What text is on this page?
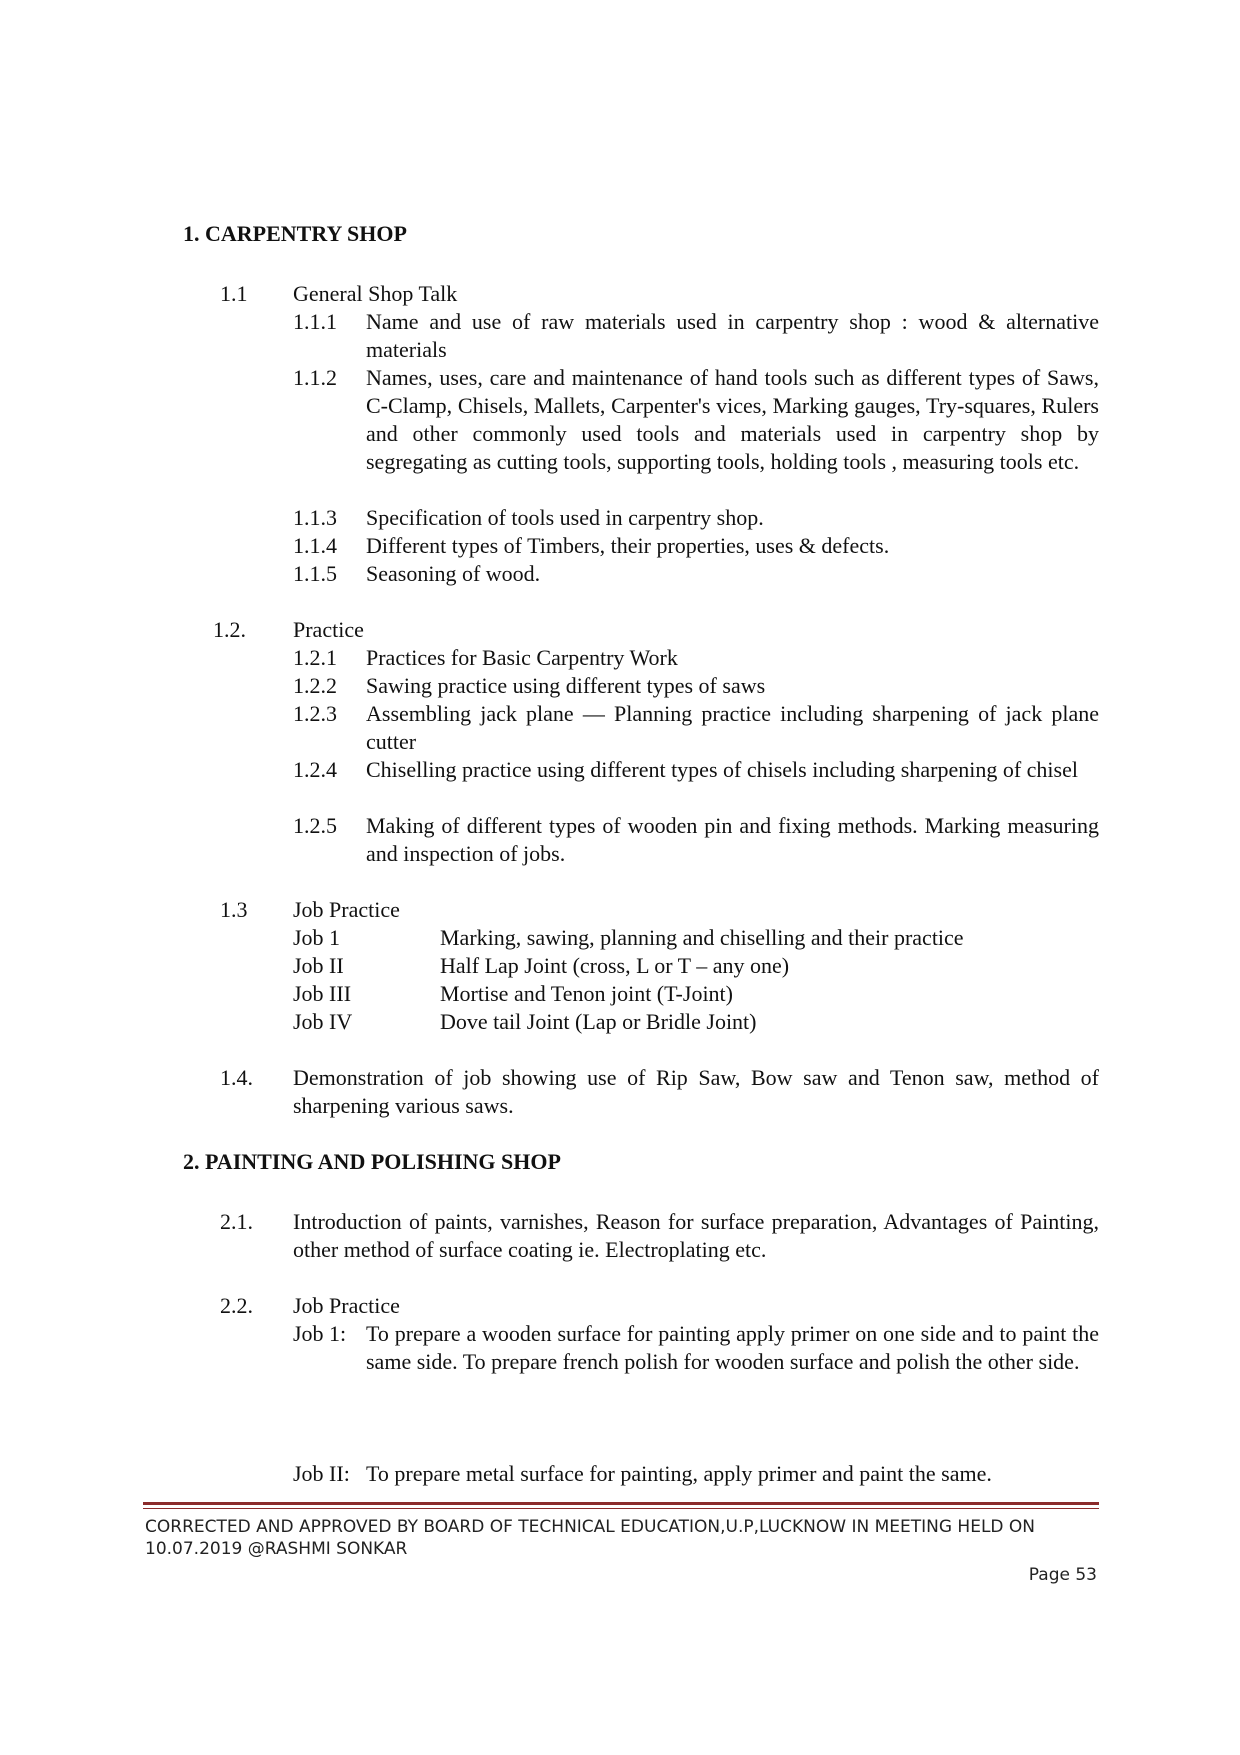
1. CARPENTRY SHOP
1.1 General Shop Talk
1.1.1 Name and use of raw materials used in carpentry shop : wood & alternative materials
1.1.2 Names, uses, care and maintenance of hand tools such as different types of Saws, C-Clamp, Chisels, Mallets, Carpenter's vices, Marking gauges, Try-squares, Rulers and other commonly used tools and materials used in carpentry shop by segregating as cutting tools, supporting tools, holding tools , measuring tools etc.
1.1.3 Specification of tools used in carpentry shop.
1.1.4 Different types of Timbers, their properties, uses & defects.
1.1.5 Seasoning of wood.
1.2. Practice
1.2.1 Practices for Basic Carpentry Work
1.2.2 Sawing practice using different types of saws
1.2.3 Assembling jack plane — Planning practice including sharpening of jack plane cutter
1.2.4 Chiselling practice using different types of chisels including sharpening of chisel
1.2.5 Making of different types of wooden pin and fixing methods. Marking measuring and inspection of jobs.
1.3 Job Practice
Job 1	Marking, sawing, planning and chiselling and their practice
Job II	Half Lap Joint (cross, L or T – any one)
Job III	Mortise and Tenon joint (T-Joint)
Job IV	Dove tail Joint (Lap or Bridle Joint)
1.4. Demonstration of job showing use of Rip Saw, Bow saw and Tenon saw, method of sharpening various saws.
2. PAINTING AND POLISHING SHOP
2.1. Introduction of paints, varnishes, Reason for surface preparation, Advantages of Painting, other method of surface coating ie. Electroplating etc.
2.2. Job Practice
Job 1: To prepare a wooden surface for painting apply primer on one side and to paint the same side. To prepare french polish for wooden surface and polish the other side.
Job II: To prepare metal surface for painting, apply primer and paint the same.
CORRECTED AND APPROVED BY BOARD OF TECHNICAL EDUCATION,U.P,LUCKNOW IN MEETING HELD ON
10.07.2019 @RASHMI SONKAR
Page 53
